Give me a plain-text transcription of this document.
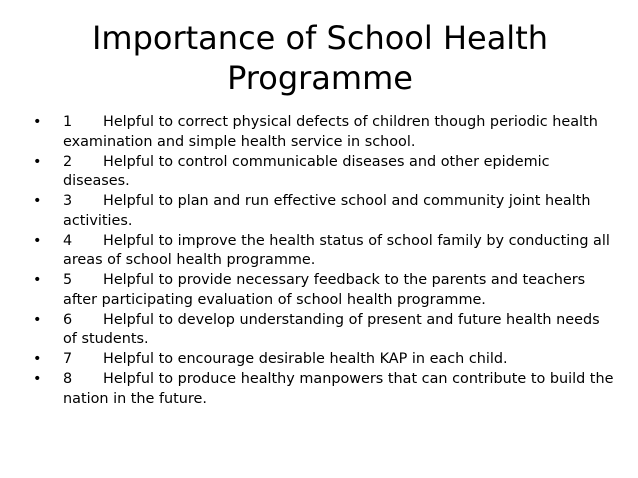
Importance of School Health Programme
•	1 Helpful to correct physical defects of children though periodic health examination and simple health service in school.
•	2 Helpful to control communicable diseases and other epidemic diseases.
•	3 Helpful to plan and run effective school and community joint health activities.
•	4 Helpful to improve the health status of school family by conducting all areas of school health programme.
•	5 Helpful to provide necessary feedback to the parents and teachers after participating evaluation of school health programme.
•	6 Helpful to develop understanding of present and future health needs of students.
•	7 Helpful to encourage desirable health KAP in each child.
•	8 Helpful to produce healthy manpowers that can contribute to build the nation in the future.
